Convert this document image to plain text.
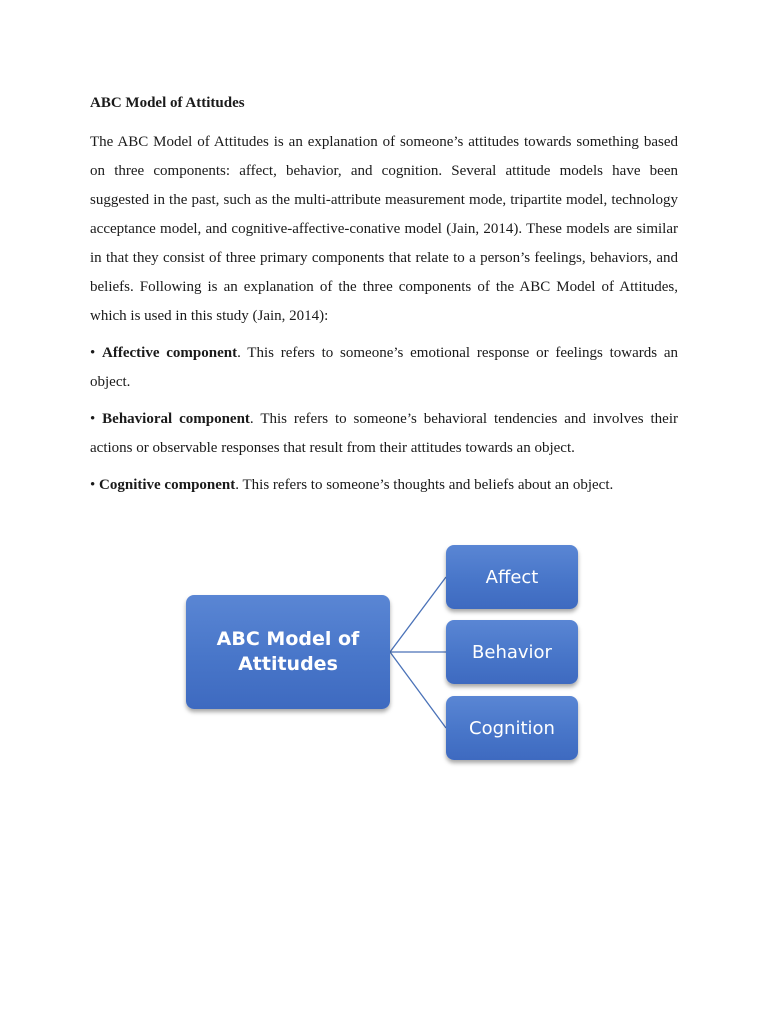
ABC Model of Attitudes

The ABC Model of Attitudes is an explanation of someone’s attitudes towards something based on three components: affect, behavior, and cognition. Several attitude models have been suggested in the past, such as the multi-attribute measurement mode, tripartite model, technology acceptance model, and cognitive-affective-conative model (Jain, 2014). These models are similar in that they consist of three primary components that relate to a person’s feelings, behaviors, and beliefs. Following is an explanation of the three components of the ABC Model of Attitudes, which is used in this study (Jain, 2014):

• Affective component. This refers to someone’s emotional response or feelings towards an object.

• Behavioral component. This refers to someone’s behavioral tendencies and involves their actions or observable responses that result from their attitudes towards an object.

• Cognitive component. This refers to someone’s thoughts and beliefs about an object.

ABC Model of
Attitudes
Affect
Behavior
Cognition
